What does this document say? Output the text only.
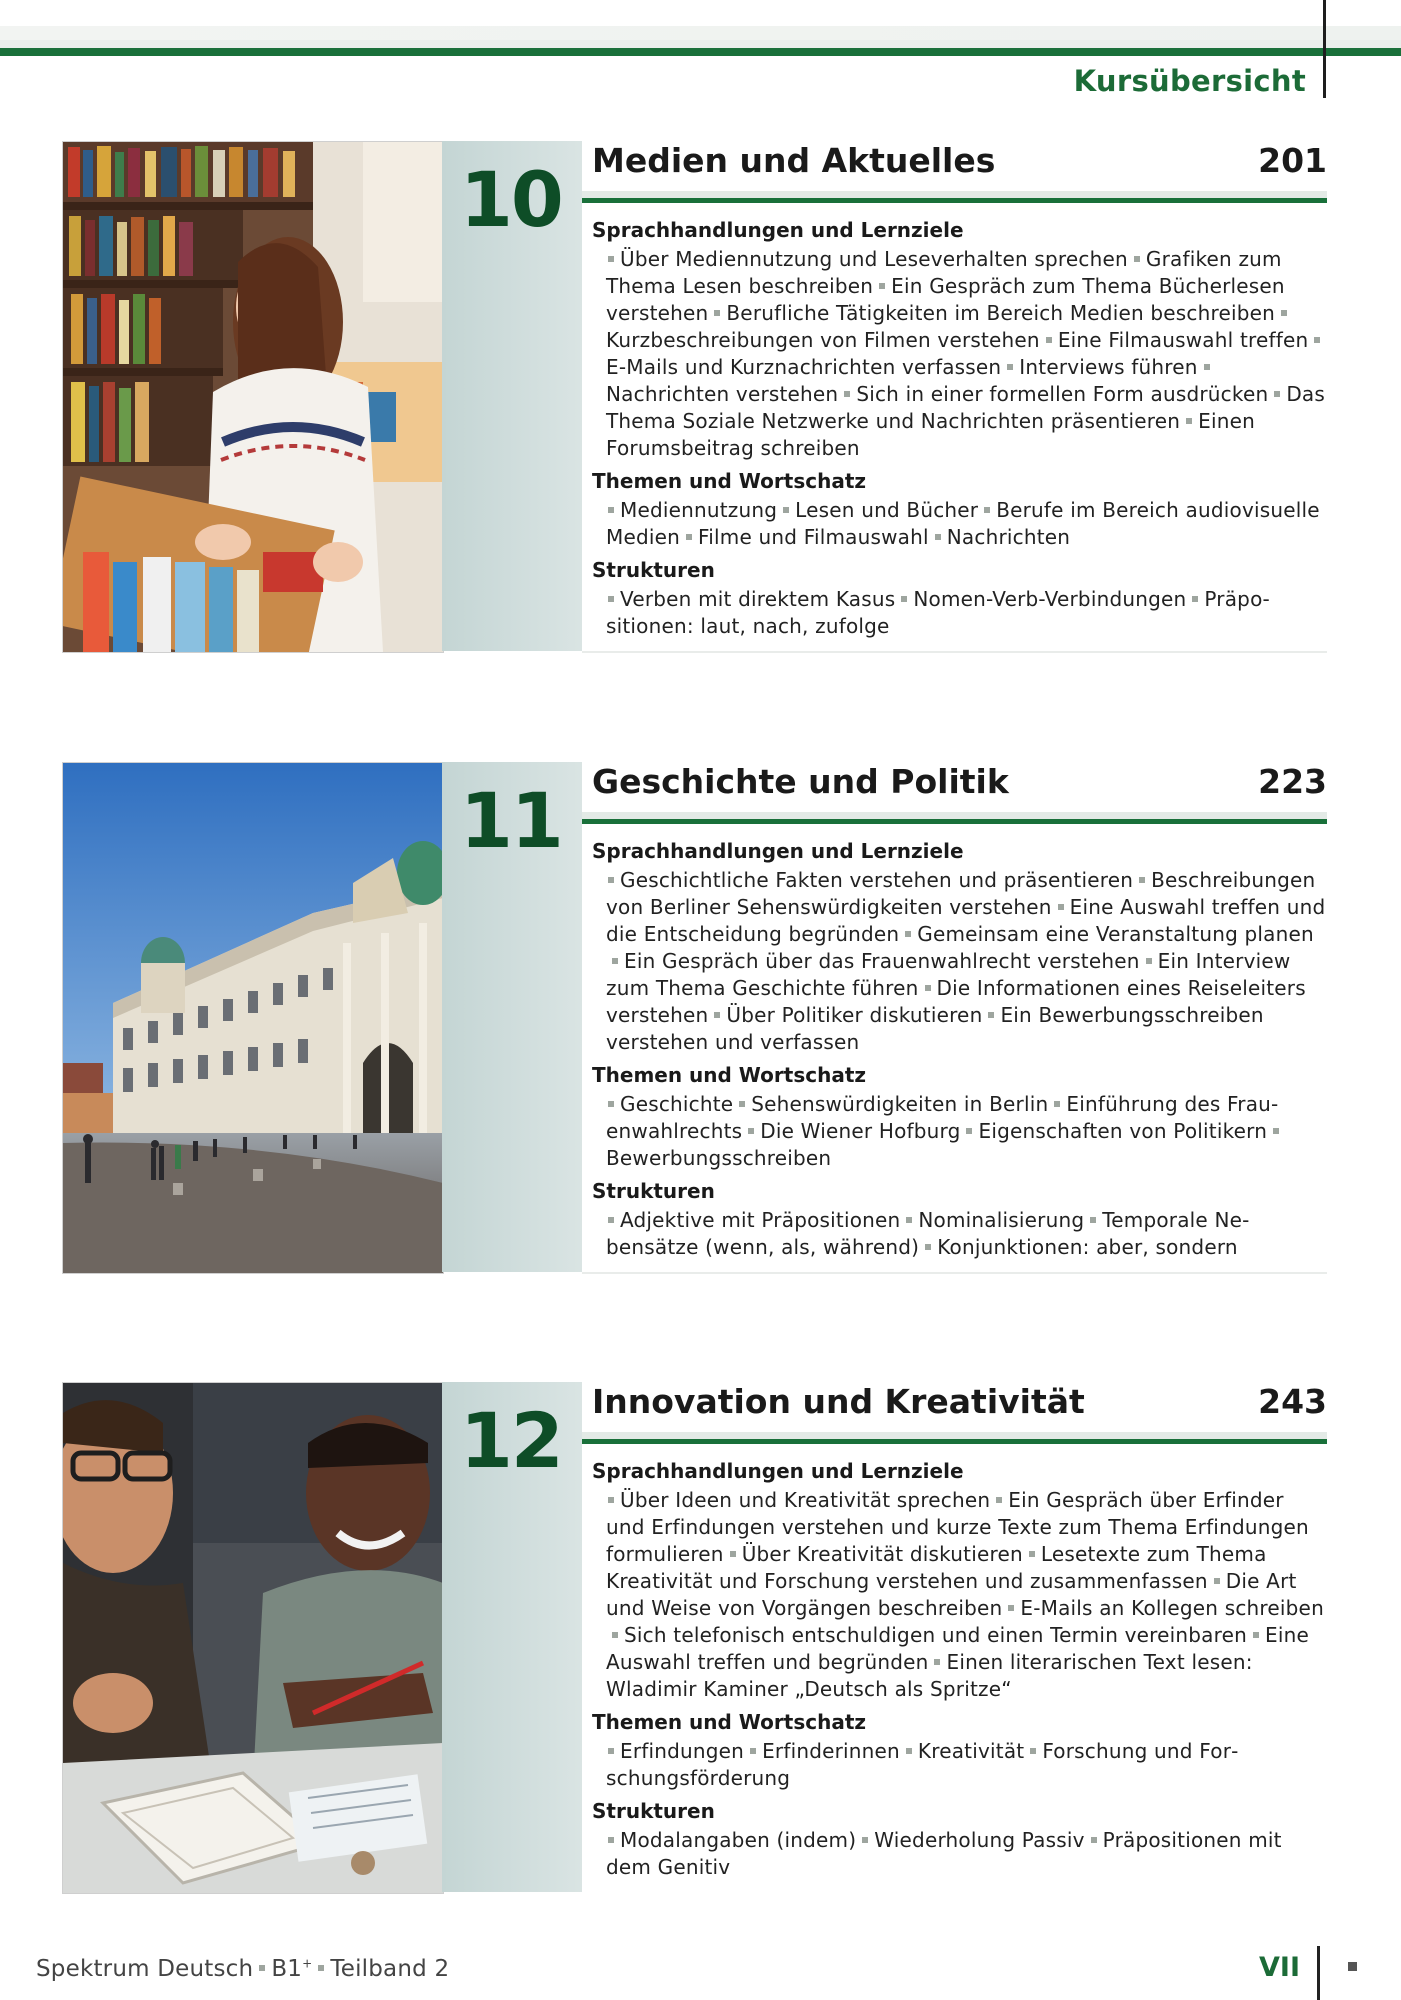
Kursübersicht
10 Medien und Aktuelles	201
Sprachhandlungen und Lernziele
Über Mediennutzung und Leseverhalten sprechen Grafiken zum Thema Lesen beschreiben Ein Gespräch zum Thema Bücherlesen verstehen Berufliche Tätigkeiten im Bereich Medien beschreibenKurzbeschreibungen von Filmen verstehen Eine Filmauswahl treffenE-Mails und Kurznachrichten verfassen Interviews führenNachrichten verstehen Sich in einer formellen Form ausdrücken Das Thema Soziale Netzwerke und Nachrichten präsentieren Einen Forumsbeitrag schreiben
Themen und Wortschatz
Mediennutzung Lesen und Bücher Berufe im Bereich audiovisuelle Medien Filme und Filmauswahl Nachrichten
Strukturen
Verben mit direktem Kasus Nomen-Verb-Verbindungen Präpositionen: laut, nach, zufolge
11 Geschichte und Politik	223
Sprachhandlungen und Lernziele
Geschichtliche Fakten verstehen und präsentieren Beschreibungen von Berliner Sehenswürdigkeiten verstehen Eine Auswahl treffen und die Entscheidung begründen Gemeinsam eine Veranstaltung planenEin Gespräch über das Frauenwahlrecht verstehen Ein Interview zum Thema Geschichte führen Die Informationen eines Reiseleiters verstehen Über Politiker diskutieren Ein Bewerbungsschreiben verstehen und verfassen
Themen und Wortschatz
Geschichte Sehenswürdigkeiten in Berlin Einführung des Frauenwahlrechts Die Wiener Hofburg Eigenschaften von PolitikernBewerbungsschreiben
Strukturen
Adjektive mit Präpositionen Nominalisierung Temporale Nebensätze (wenn, als, während) Konjunktionen: aber, sondern
12 Innovation und Kreativität	243
Sprachhandlungen und Lernziele
Über Ideen und Kreativität sprechen Ein Gespräch über Erfinder und Erfindungen verstehen und kurze Texte zum Thema Erfindungen formulieren Über Kreativität diskutieren Lesetexte zum Thema Kreativität und Forschung verstehen und zusammenfassen Die Art und Weise von Vorgängen beschreiben E-Mails an Kollegen schreibenSich telefonisch entschuldigen und einen Termin vereinbaren Eine Auswahl treffen und begründen Einen literarischen Text lesen: Wladimir Kaminer „Deutsch als Spritze“
Themen und Wortschatz
Erfindungen Erfinderinnen Kreativität Forschung und Forschungsförderung
Strukturen
Modalangaben (indem) Wiederholung Passiv Präpositionen mit dem Genitiv
Spektrum Deutsch B1+ Teilband 2	VII
